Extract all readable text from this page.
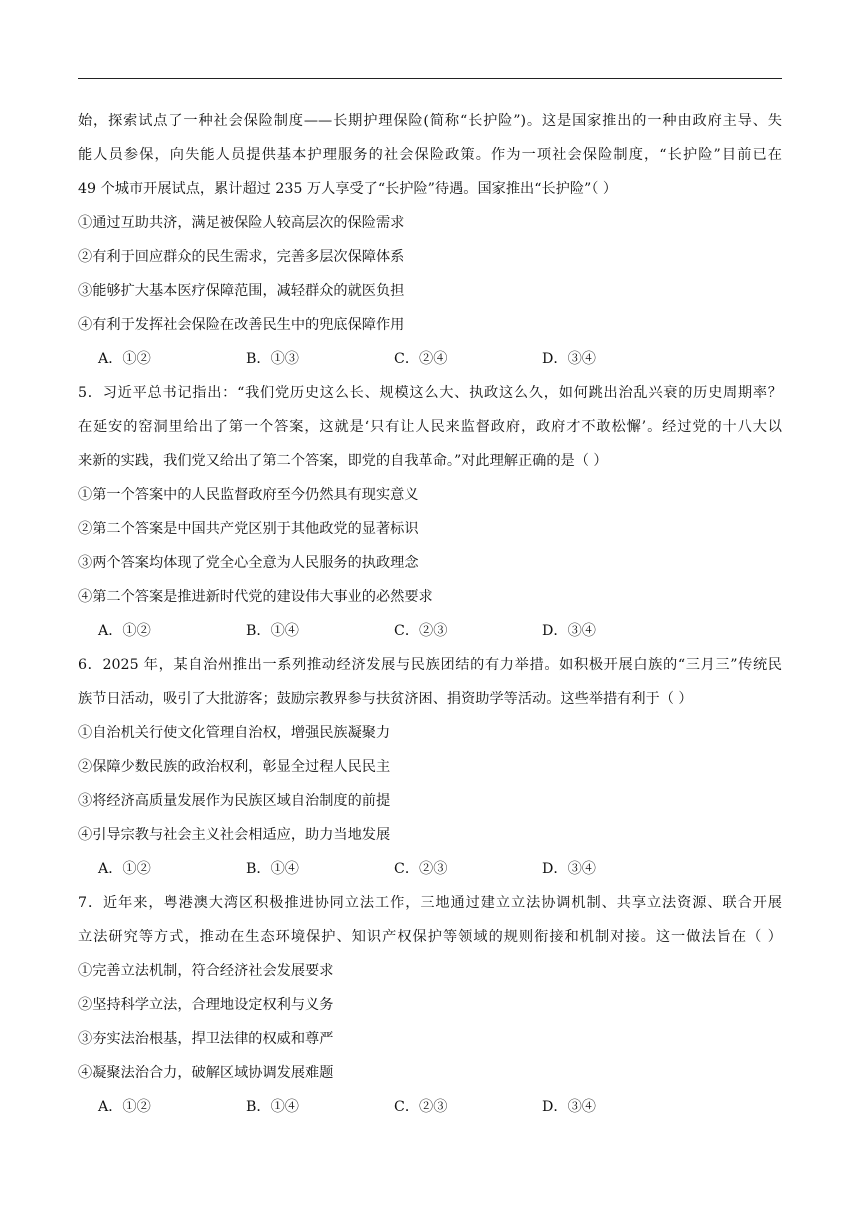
始，探索试点了一种社会保险制度——长期护理保险(简称“长护险”)。这是国家推出的一种由政府主导、失
能人员参保，向失能人员提供基本护理服务的社会保险政策。作为一项社会保险制度，“长护险”目前已在
49 个城市开展试点，累计超过 235 万人享受了“长护险”待遇。国家推出“长护险”（ ）
①通过互助共济，满足被保险人较高层次的保险需求
②有利于回应群众的民生需求，完善多层次保障体系
③能够扩大基本医疗保障范围，减轻群众的就医负担
④有利于发挥社会保险在改善民生中的兜底保障作用
A．①②	B．①③	C．②④	D．③④
5．习近平总书记指出：“我们党历史这么长、规模这么大、执政这么久，如何跳出治乱兴衰的历史周期率？
在延安的窑洞里给出了第一个答案，这就是‘只有让人民来监督政府，政府才不敢松懈’。经过党的十八大以
来新的实践，我们党又给出了第二个答案，即党的自我革命。”对此理解正确的是（ ）
①第一个答案中的人民监督政府至今仍然具有现实意义
②第二个答案是中国共产党区别于其他政党的显著标识
③两个答案均体现了党全心全意为人民服务的执政理念
④第二个答案是推进新时代党的建设伟大事业的必然要求
A．①②	B．①④	C．②③	D．③④
6．2025 年，某自治州推出一系列推动经济发展与民族团结的有力举措。如积极开展白族的“三月三”传统民
族节日活动，吸引了大批游客；鼓励宗教界参与扶贫济困、捐资助学等活动。这些举措有利于（ ）
①自治机关行使文化管理自治权，增强民族凝聚力
②保障少数民族的政治权利，彰显全过程人民民主
③将经济高质量发展作为民族区域自治制度的前提
④引导宗教与社会主义社会相适应，助力当地发展
A．①②	B．①④	C．②③	D．③④
7．近年来，粤港澳大湾区积极推进协同立法工作，三地通过建立立法协调机制、共享立法资源、联合开展
立法研究等方式，推动在生态环境保护、知识产权保护等领域的规则衔接和机制对接。这一做法旨在（ ）
①完善立法机制，符合经济社会发展要求
②坚持科学立法，合理地设定权利与义务
③夯实法治根基，捍卫法律的权威和尊严
④凝聚法治合力，破解区域协调发展难题
A．①②	B．①④	C．②③	D．③④
